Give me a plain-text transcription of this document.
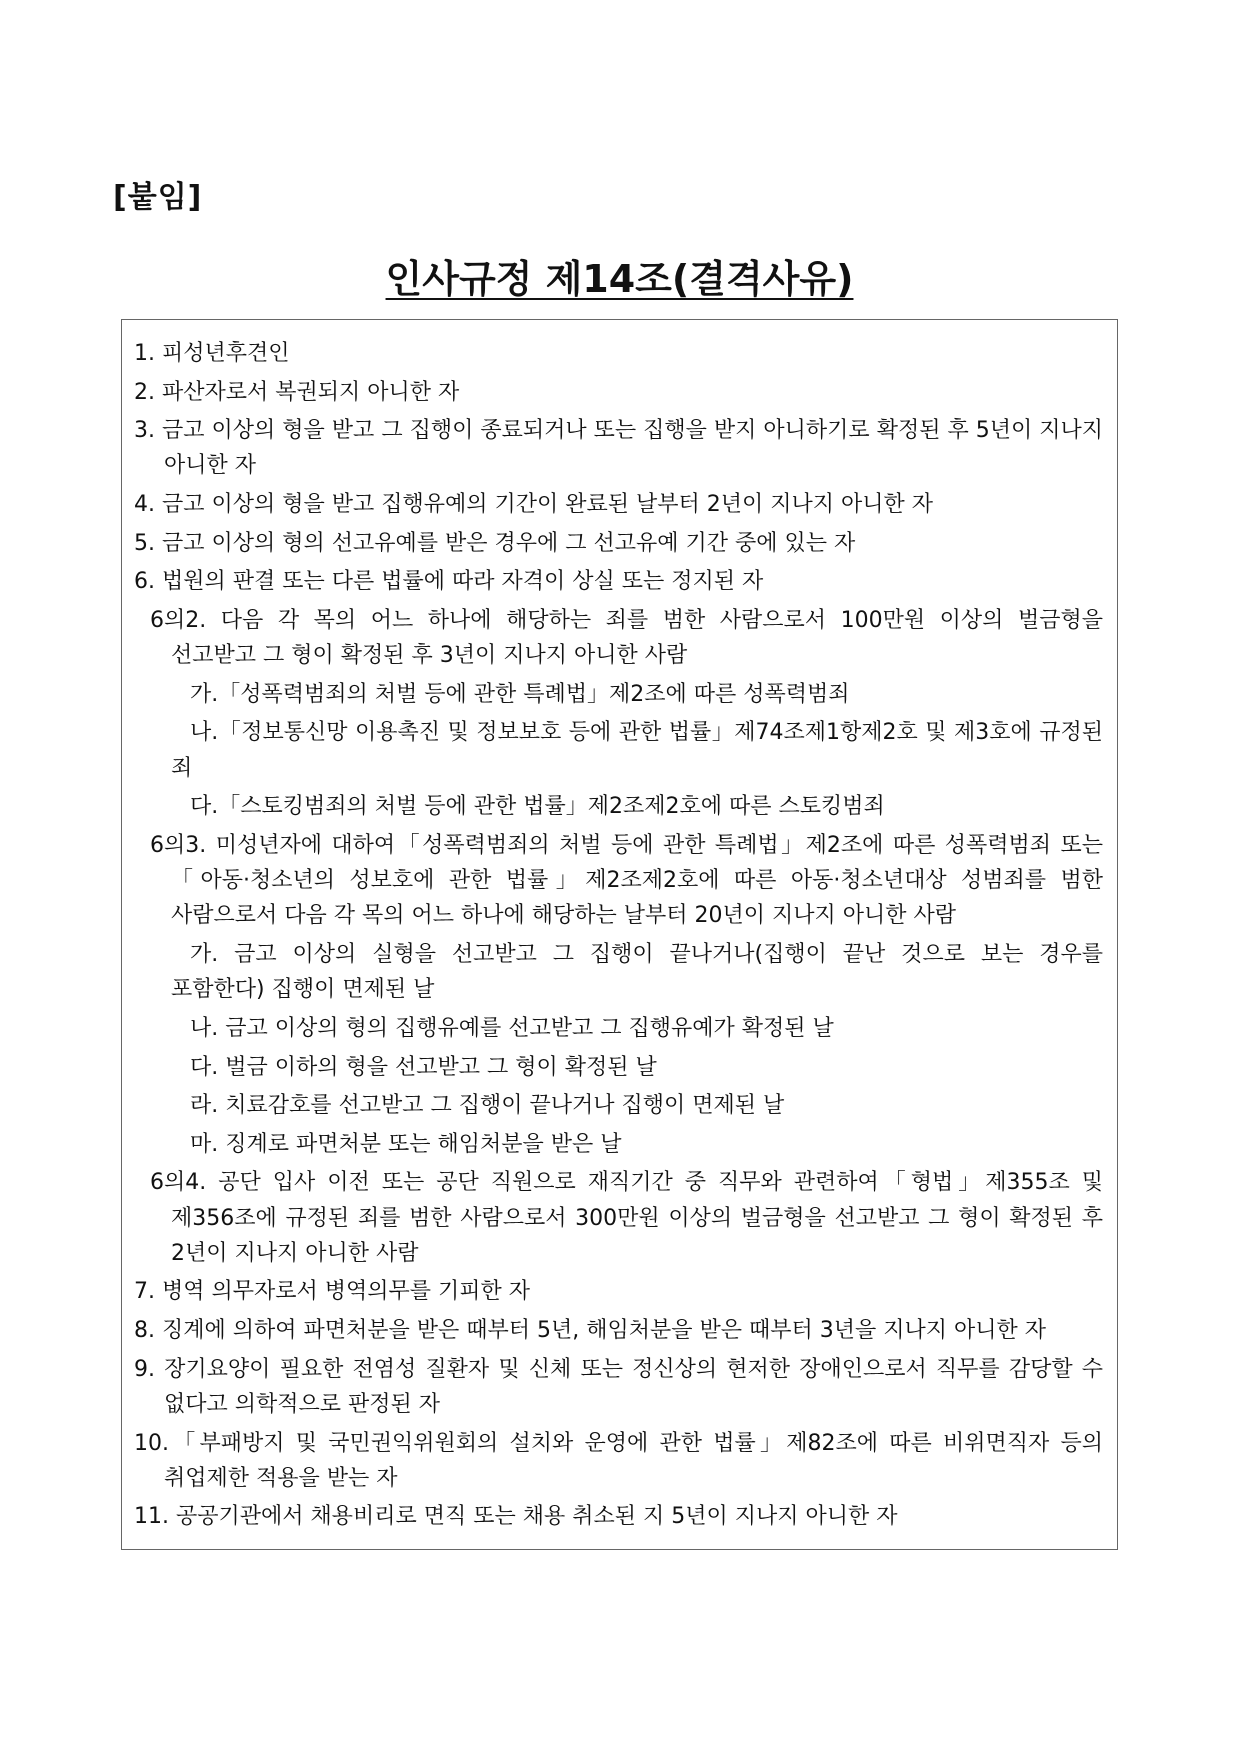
[붙임]
인사규정 제14조(결격사유)
1. 피성년후견인
2. 파산자로서 복권되지 아니한 자
3. 금고 이상의 형을 받고 그 집행이 종료되거나 또는 집행을 받지 아니하기로 확정된 후 5년이 지나지 아니한 자
4. 금고 이상의 형을 받고 집행유예의 기간이 완료된 날부터 2년이 지나지 아니한 자
5. 금고 이상의 형의 선고유예를 받은 경우에 그 선고유예 기간 중에 있는 자
6. 법원의 판결 또는 다른 법률에 따라 자격이 상실 또는 정지된 자
6의2. 다음 각 목의 어느 하나에 해당하는 죄를 범한 사람으로서 100만원 이상의 벌금형을 선고받고 그 형이 확정된 후 3년이 지나지 아니한 사람
가.「성폭력범죄의 처벌 등에 관한 특례법」제2조에 따른 성폭력범죄
나.「정보통신망 이용촉진 및 정보보호 등에 관한 법률」제74조제1항제2호 및 제3호에 규정된 죄
다.「스토킹범죄의 처벌 등에 관한 법률」제2조제2호에 따른 스토킹범죄
6의3. 미성년자에 대하여「성폭력범죄의 처벌 등에 관한 특례법」제2조에 따른 성폭력범죄 또는「아동·청소년의 성보호에 관한 법률」제2조제2호에 따른 아동·청소년대상 성범죄를 범한 사람으로서 다음 각 목의 어느 하나에 해당하는 날부터 20년이 지나지 아니한 사람
가. 금고 이상의 실형을 선고받고 그 집행이 끝나거나(집행이 끝난 것으로 보는 경우를 포함한다) 집행이 면제된 날
나. 금고 이상의 형의 집행유예를 선고받고 그 집행유예가 확정된 날
다. 벌금 이하의 형을 선고받고 그 형이 확정된 날
라. 치료감호를 선고받고 그 집행이 끝나거나 집행이 면제된 날
마. 징계로 파면처분 또는 해임처분을 받은 날
6의4. 공단 입사 이전 또는 공단 직원으로 재직기간 중 직무와 관련하여「형법」제355조 및 제356조에 규정된 죄를 범한 사람으로서 300만원 이상의 벌금형을 선고받고 그 형이 확정된 후 2년이 지나지 아니한 사람
7. 병역 의무자로서 병역의무를 기피한 자
8. 징계에 의하여 파면처분을 받은 때부터 5년, 해임처분을 받은 때부터 3년을 지나지 아니한 자
9. 장기요양이 필요한 전염성 질환자 및 신체 또는 정신상의 현저한 장애인으로서 직무를 감당할 수 없다고 의학적으로 판정된 자
10.「부패방지 및 국민권익위원회의 설치와 운영에 관한 법률」제82조에 따른 비위면직자 등의 취업제한 적용을 받는 자
11. 공공기관에서 채용비리로 면직 또는 채용 취소된 지 5년이 지나지 아니한 자
